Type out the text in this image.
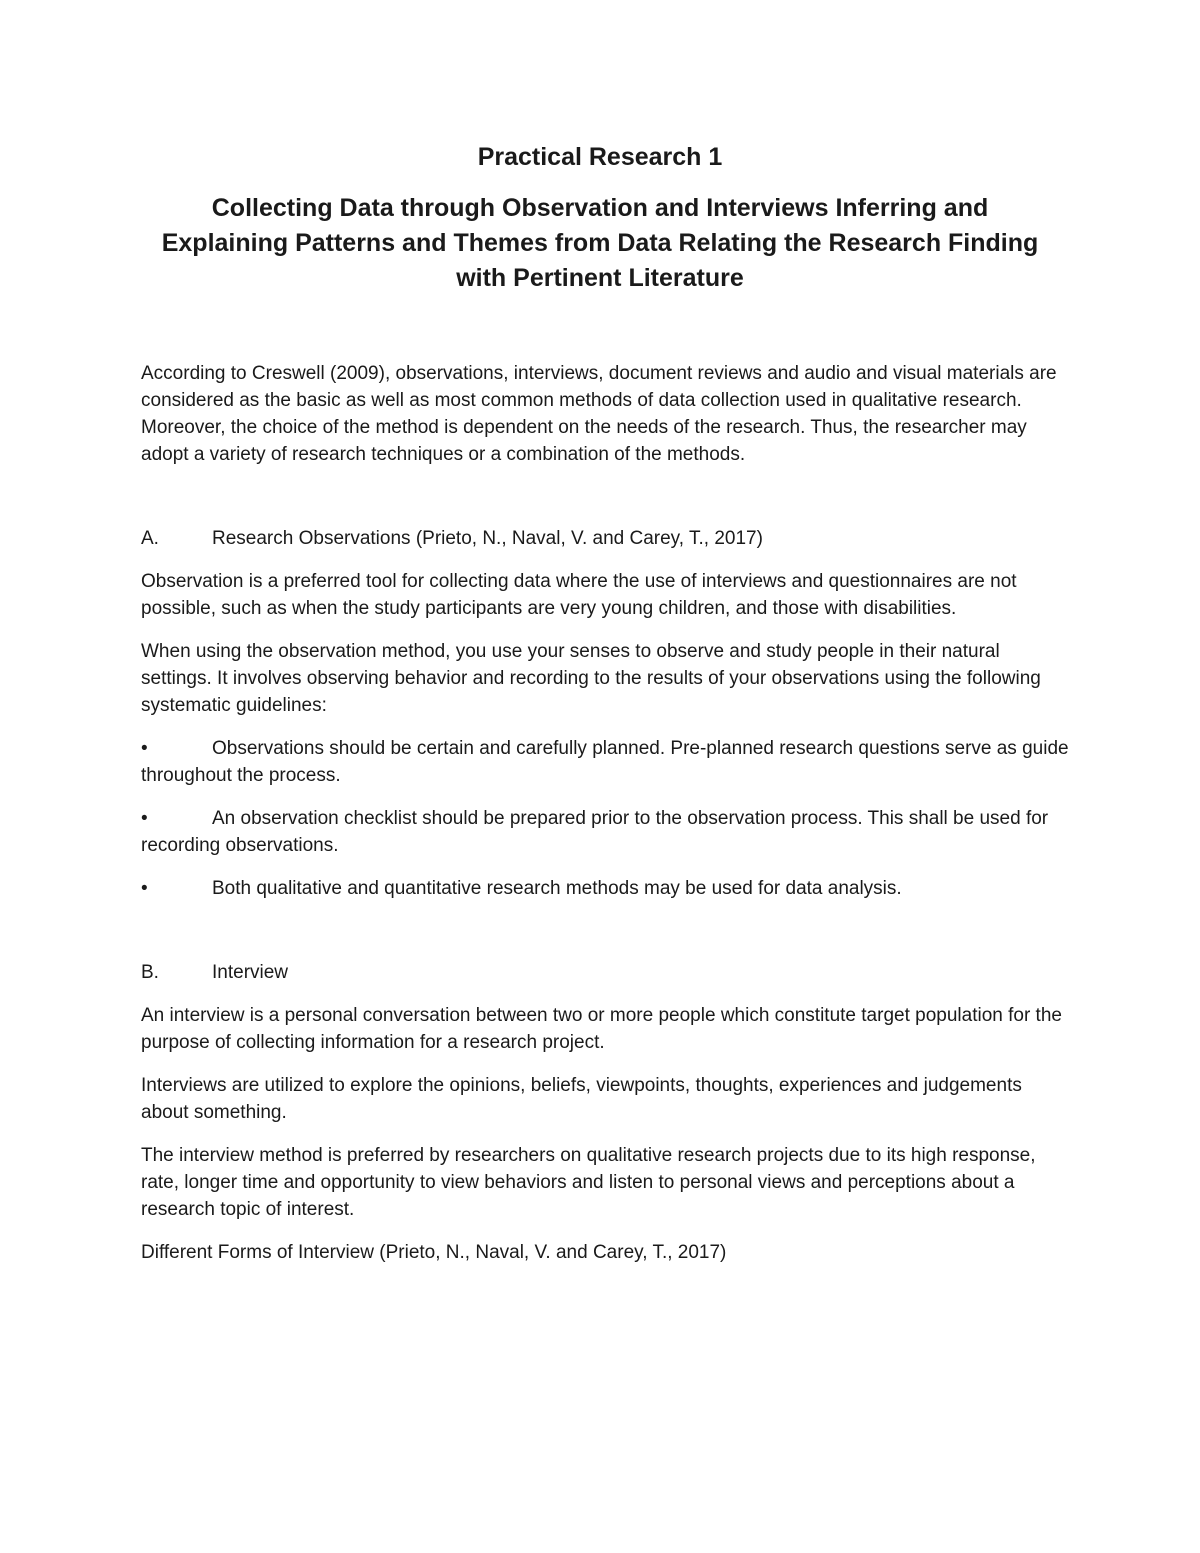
Practical Research 1
Collecting Data through Observation and Interviews Inferring and Explaining Patterns and Themes from Data Relating the Research Finding with Pertinent Literature

According to Creswell (2009), observations, interviews, document reviews and audio and visual materials are considered as the basic as well as most common methods of data collection used in qualitative research. Moreover, the choice of the method is dependent on the needs of the research. Thus, the researcher may adopt a variety of research techniques or a combination of the methods.

A.	Research Observations (Prieto, N., Naval, V. and Carey, T., 2017)

Observation is a preferred tool for collecting data where the use of interviews and questionnaires are not possible, such as when the study participants are very young children, and those with disabilities.

When using the observation method, you use your senses to observe and study people in their natural settings. It involves observing behavior and recording to the results of your observations using the following systematic guidelines:

•	Observations should be certain and carefully planned. Pre-planned research questions serve as guide throughout the process.

•	An observation checklist should be prepared prior to the observation process. This shall be used for recording observations.

•	Both qualitative and quantitative research methods may be used for data analysis.

B.	Interview

An interview is a personal conversation between two or more people which constitute target population for the purpose of collecting information for a research project.

Interviews are utilized to explore the opinions, beliefs, viewpoints, thoughts, experiences and judgements about something.

The interview method is preferred by researchers on qualitative research projects due to its high response, rate, longer time and opportunity to view behaviors and listen to personal views and perceptions about a research topic of interest.

Different Forms of Interview (Prieto, N., Naval, V. and Carey, T., 2017)
